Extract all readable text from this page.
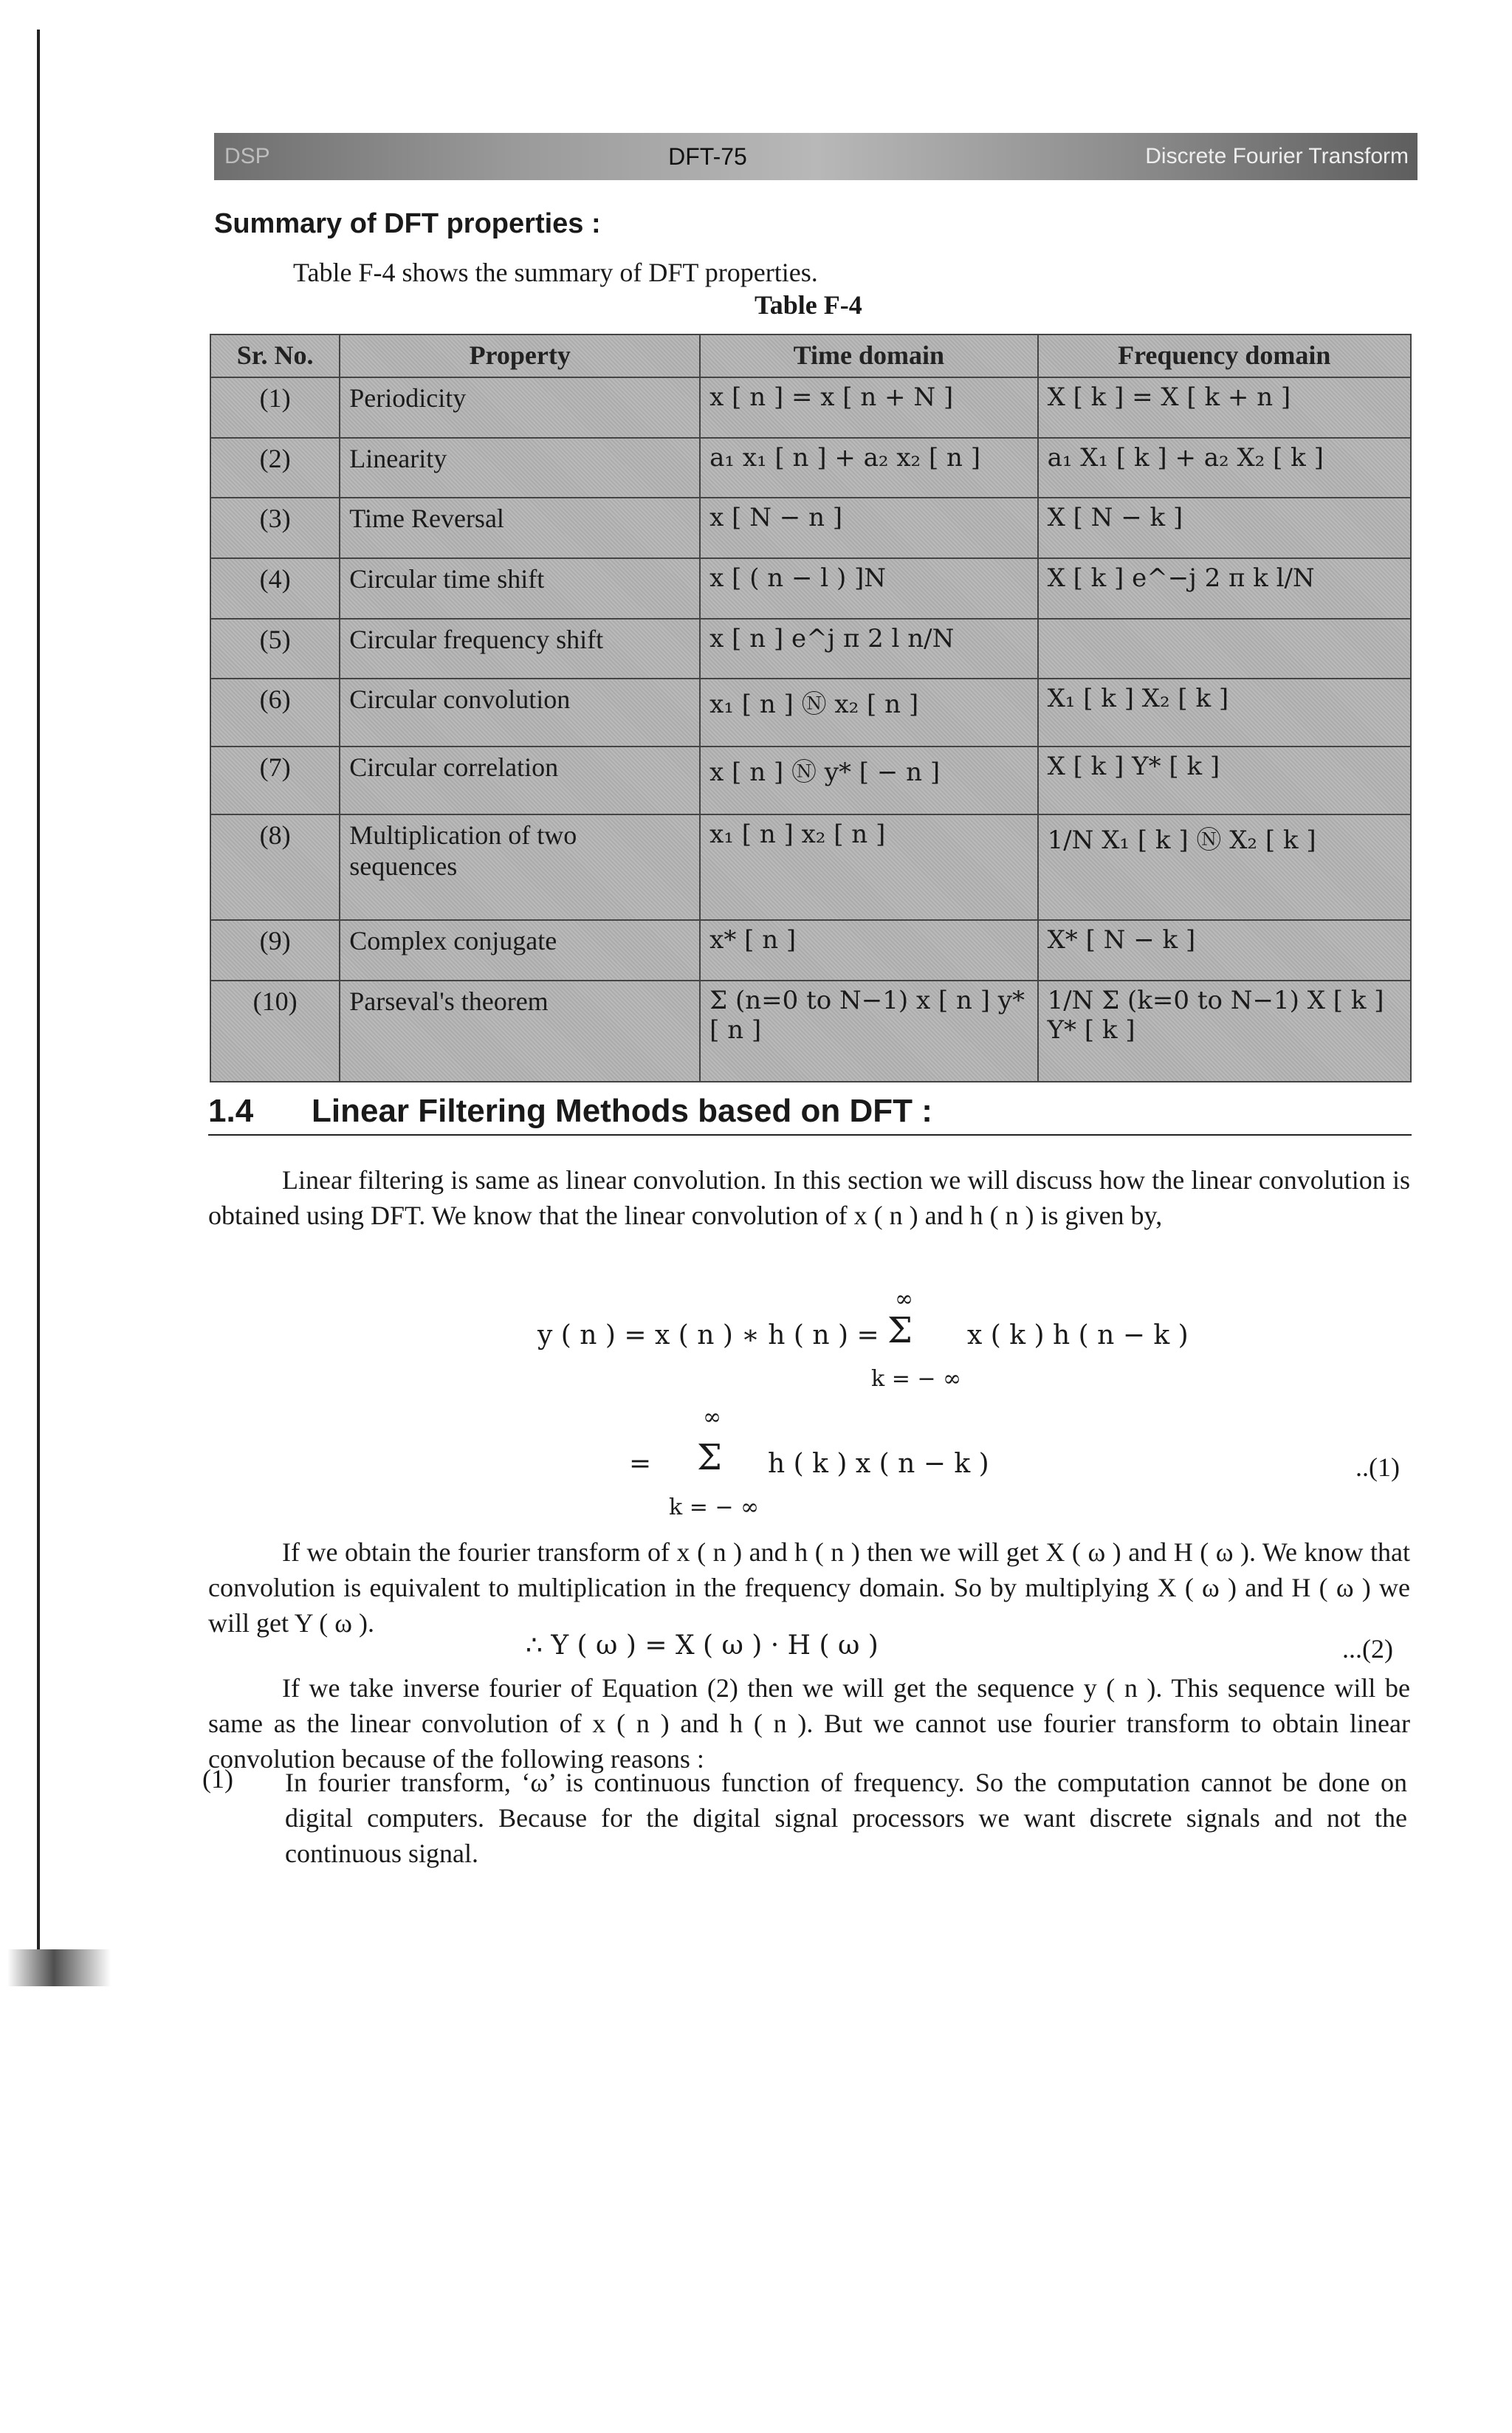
DSP	DFT-75	Discrete Fourier Transform
Summary of DFT properties :
Table F-4 shows the summary of DFT properties.
Table F-4
Sr. No.	Property	Time domain	Frequency domain
(1)	Periodicity	x [ n ] = x [ n + N ]	X [ k ] = X [ k + n ]
(2)	Linearity	a₁ x₁ [ n ] + a₂ x₂ [ n ]	a₁ X₁ [ k ] + a₂ X₂ [ k ]
(3)	Time Reversal	x [ N − n ]	X [ N − k ]
(4)	Circular time shift	x [ ( n − l ) ]N	X [ k ] e^−j 2 π k l/N
(5)	Circular frequency shift	x [ n ] e^j π 2 l n/N	
(6)	Circular convolution	x₁ [ n ] Ⓝ x₂ [ n ]	X₁ [ k ] X₂ [ k ]
(7)	Circular correlation	x [ n ] Ⓝ y* [ − n ]	X [ k ] Y* [ k ]
(8)	Multiplication of two sequences	x₁ [ n ] x₂ [ n ]	1/N X₁ [ k ] Ⓝ X₂ [ k ]
(9)	Complex conjugate	x* [ n ]	X* [ N − k ]
(10)	Parseval's theorem	Σ (n=0 to N−1) x [ n ] y* [ n ]	1/N Σ (k=0 to N−1) X [ k ] Y* [ k ]
1.4 Linear Filtering Methods based on DFT :
Linear filtering is same as linear convolution. In this section we will discuss how the linear convolution is obtained using DFT. We know that the linear convolution of x ( n ) and h ( n ) is given by,
∞
y ( n ) = x ( n ) ∗ h ( n ) = Σ x ( k ) h ( n − k )
k = − ∞
∞
= Σ h ( k ) x ( n − k )	..(1)
k = − ∞
If we obtain the fourier transform of x ( n ) and h ( n ) then we will get X ( ω ) and H ( ω ). We know that convolution is equivalent to multiplication in the frequency domain. So by multiplying X ( ω ) and H ( ω ) we will get Y ( ω ).
∴ Y ( ω ) = X ( ω ) · H ( ω )	...(2)
If we take inverse fourier of Equation (2) then we will get the sequence y ( n ). This sequence will be same as the linear convolution of x ( n ) and h ( n ). But we cannot use fourier transform to obtain linear convolution because of the following reasons :
(1) In fourier transform, ‘ω’ is continuous function of frequency. So the computation cannot be done on digital computers. Because for the digital signal processors we want discrete signals and not the continuous signal.
